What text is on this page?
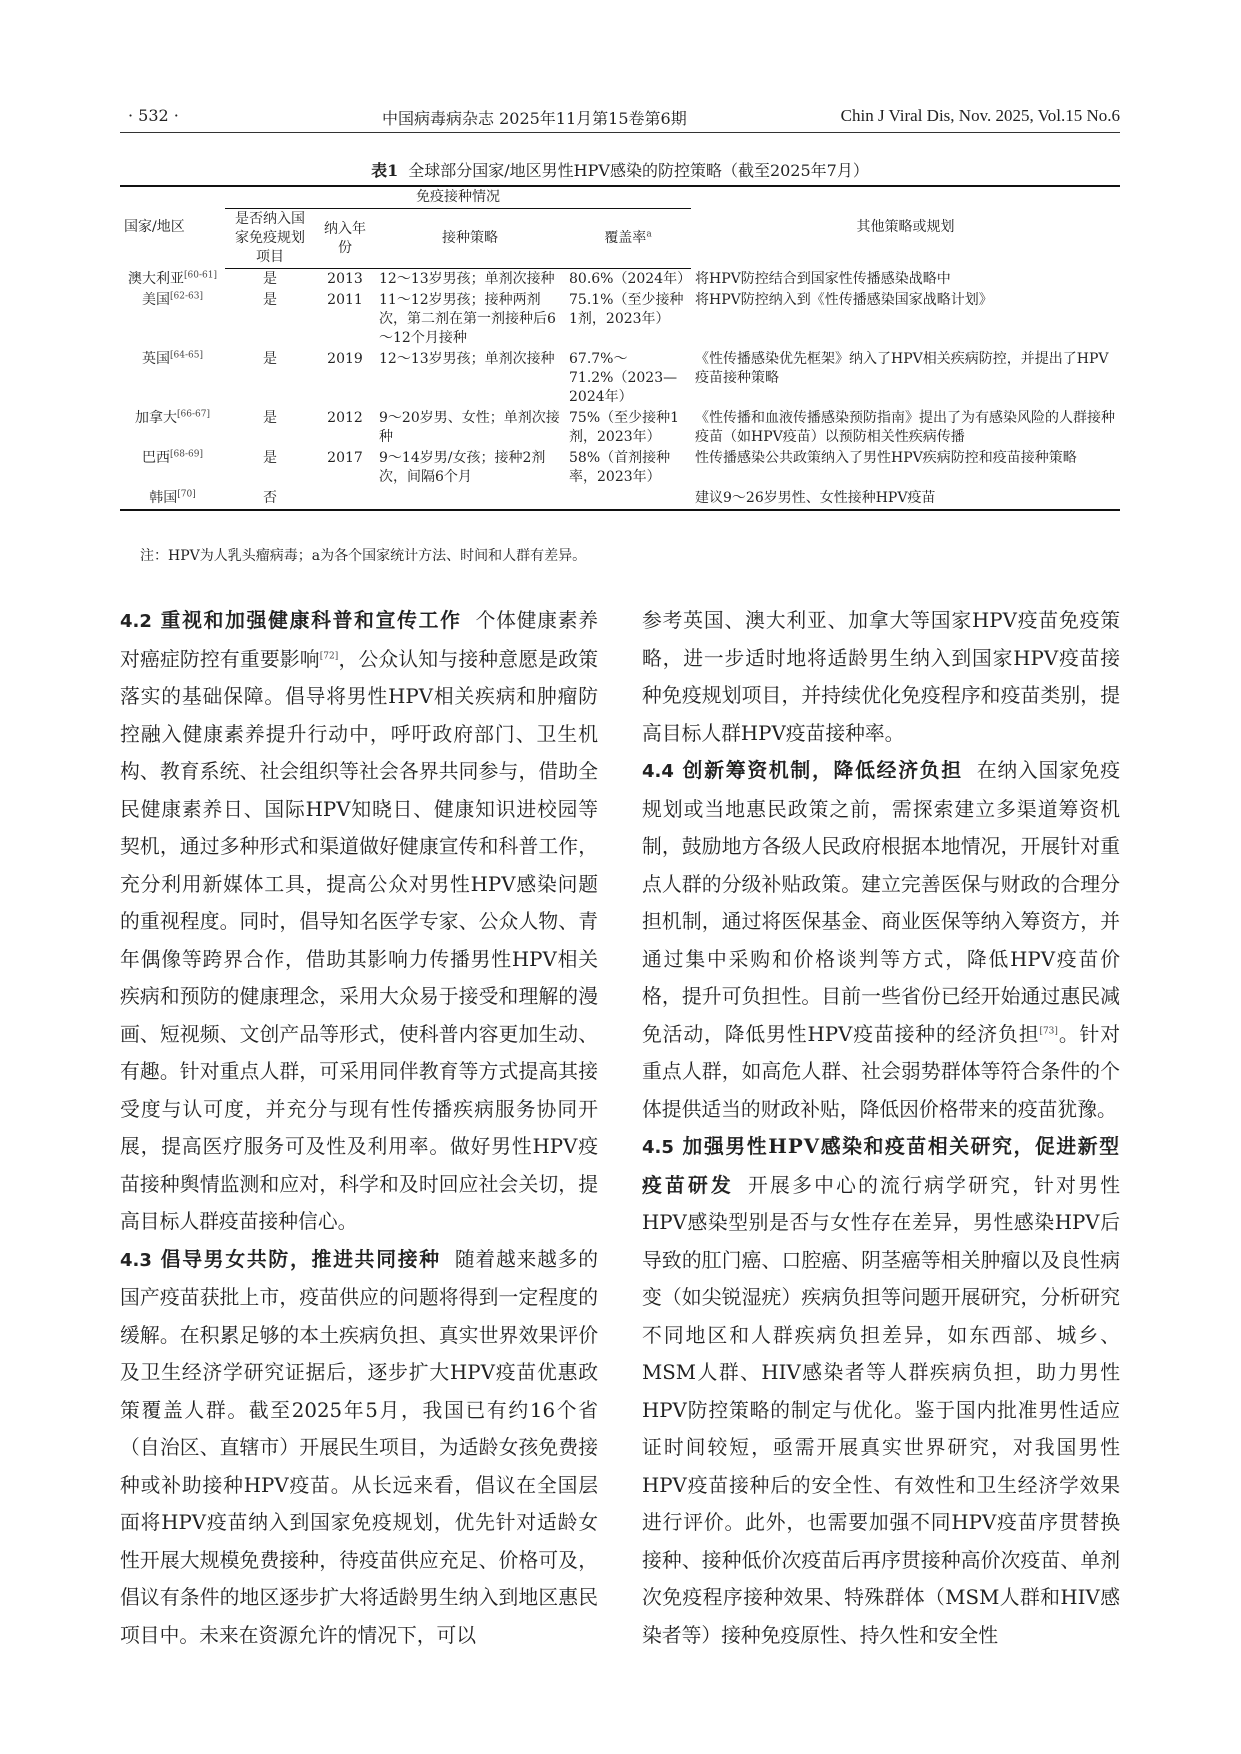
· 532 ·	中国病毒病杂志 2025年11月第15卷第6期	Chin J Viral Dis, Nov. 2025, Vol.15 No.6
表1 全球部分国家/地区男性HPV感染的防控策略（截至2025年7月）
国家/地区	免疫接种情况				其他策略或规划
	是否纳入国家免疫规划项目	纳入年份	接种策略	覆盖率$^a$
澳大利亚[60-61]	是	2013	12～13岁男孩；单剂次接种	80.6%（2024年）	将HPV防控结合到国家性传播感染战略中
美国[62-63]	是	2011	11～12岁男孩；接种两剂次，第二剂在第一剂接种后6～12个月接种	75.1%（至少接种1剂，2023年）	将HPV防控纳入到《性传播感染国家战略计划》
英国[64-65]	是	2019	12～13岁男孩；单剂次接种	67.7%～71.2%（2023—2024年）	《性传播感染优先框架》纳入了HPV相关疾病防控，并提出了HPV疫苗接种策略
加拿大[66-67]	是	2012	9～20岁男、女性；单剂次接种	75%（至少接种1剂，2023年）	《性传播和血液传播感染预防指南》提出了为有感染风险的人群接种疫苗（如HPV疫苗）以预防相关性疾病传播
巴西[68-69]	是	2017	9～14岁男/女孩；接种2剂次，间隔6个月	58%（首剂接种率，2023年）	性传播感染公共政策纳入了男性HPV疾病防控和疫苗接种策略
韩国[70]	否				建议9～26岁男性、女性接种HPV疫苗
注：HPV为人乳头瘤病毒；a为各个国家统计方法、时间和人群有差异。

4.2 重视和加强健康科普和宣传工作 个体健康素养对癌症防控有重要影响[72]，公众认知与接种意愿是政策落实的基础保障。倡导将男性HPV相关疾病和肿瘤防控融入健康素养提升行动中，呼吁政府部门、卫生机构、教育系统、社会组织等社会各界共同参与，借助全民健康素养日、国际HPV知晓日、健康知识进校园等契机，通过多种形式和渠道做好健康宣传和科普工作，充分利用新媒体工具，提高公众对男性HPV感染问题的重视程度。同时，倡导知名医学专家、公众人物、青年偶像等跨界合作，借助其影响力传播男性HPV相关疾病和预防的健康理念，采用大众易于接受和理解的漫画、短视频、文创产品等形式，使科普内容更加生动、有趣。针对重点人群，可采用同伴教育等方式提高其接受度与认可度，并充分与现有性传播疾病服务协同开展，提高医疗服务可及性及利用率。做好男性HPV疫苗接种舆情监测和应对，科学和及时回应社会关切，提高目标人群疫苗接种信心。

4.3 倡导男女共防，推进共同接种 随着越来越多的国产疫苗获批上市，疫苗供应的问题将得到一定程度的缓解。在积累足够的本土疾病负担、真实世界效果评价及卫生经济学研究证据后，逐步扩大HPV疫苗优惠政策覆盖人群。截至2025年5月，我国已有约16个省（自治区、直辖市）开展民生项目，为适龄女孩免费接种或补助接种HPV疫苗。从长远来看，倡议在全国层面将HPV疫苗纳入到国家免疫规划，优先针对适龄女性开展大规模免费接种，待疫苗供应充足、价格可及，倡议有条件的地区逐步扩大将适龄男生纳入到地区惠民项目中。未来在资源允许的情况下，可以

参考英国、澳大利亚、加拿大等国家HPV疫苗免疫策略，进一步适时地将适龄男生纳入到国家HPV疫苗接种免疫规划项目，并持续优化免疫程序和疫苗类别，提高目标人群HPV疫苗接种率。

4.4 创新筹资机制，降低经济负担 在纳入国家免疫规划或当地惠民政策之前，需探索建立多渠道筹资机制，鼓励地方各级人民政府根据本地情况，开展针对重点人群的分级补贴政策。建立完善医保与财政的合理分担机制，通过将医保基金、商业医保等纳入筹资方，并通过集中采购和价格谈判等方式，降低HPV疫苗价格，提升可负担性。目前一些省份已经开始通过惠民减免活动，降低男性HPV疫苗接种的经济负担[73]。针对重点人群，如高危人群、社会弱势群体等符合条件的个体提供适当的财政补贴，降低因价格带来的疫苗犹豫。

4.5 加强男性HPV感染和疫苗相关研究，促进新型疫苗研发 开展多中心的流行病学研究，针对男性HPV感染型别是否与女性存在差异，男性感染HPV后导致的肛门癌、口腔癌、阴茎癌等相关肿瘤以及良性病变（如尖锐湿疣）疾病负担等问题开展研究，分析研究不同地区和人群疾病负担差异，如东西部、城乡、MSM人群、HIV感染者等人群疾病负担，助力男性HPV防控策略的制定与优化。鉴于国内批准男性适应证时间较短，亟需开展真实世界研究，对我国男性HPV疫苗接种后的安全性、有效性和卫生经济学效果进行评价。此外，也需要加强不同HPV疫苗序贯替换接种、接种低价次疫苗后再序贯接种高价次疫苗、单剂次免疫程序接种效果、特殊群体（MSM人群和HIV感染者等）接种免疫原性、持久性和安全性
